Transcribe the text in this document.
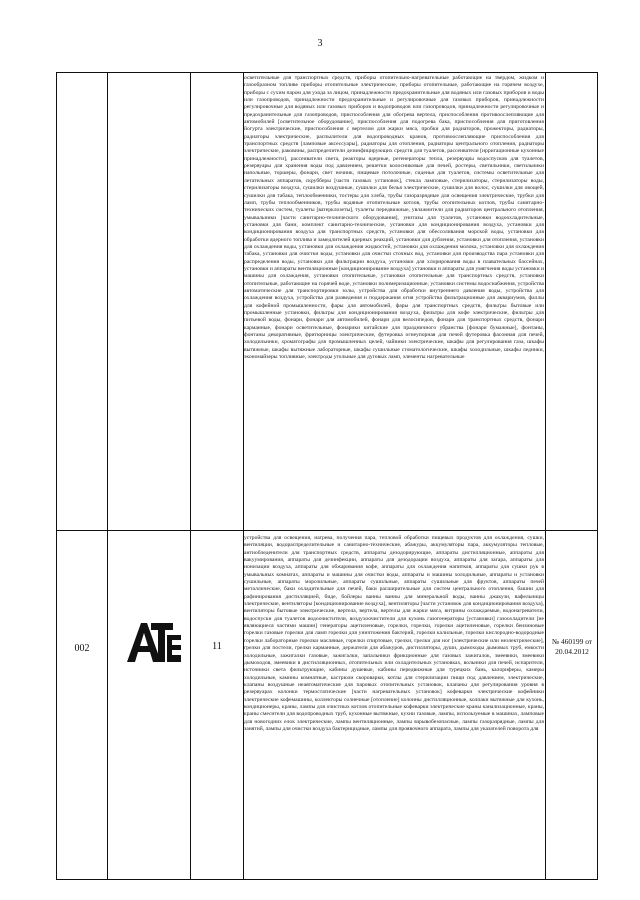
3
осветительные для транспортных средств, приборы отопительно-нагревательные работающие на твердом, жидком и газообразном топливе приборы отопительные электрические, приборы отопительные, работающие на горячем воздухе, приборы с сухим паром для ухода за лицом, принадлежности предохранительные для водяных или газовых приборов и воды или газопроводов, принадлежности предохранительные и регулировочные для газовых приборов, принадлежности регулировочные для водяных или газовых приборов и водопроводов или газопроводов, принадлежности регулировочные и предохранительные для газопроводов, приспособления для обогрева вертела, приспособления противоослепляющие для автомобилей [осветительное оборудование], приспособления для подогрева бака, приспособления для приготовления йогурта электрические, приспособления с вертелом для жарки мяса, пробки для радиаторов, прожекторы, радиаторы, радиаторы электрические, распылители для водопроводных кранов, противоослепляющие приспособления для транспортных средств [ламповые аксессуары], радиаторы для отопления, радиаторы центрального отопления, радиаторы электрические, раковины, распределители дезинфицирующих средств для туалетов, рассеиватели [ирригационные кухонные принадлежности], рассеиватели света, реакторы ядерные, регенераторы тепла, резервуары водоспусков для туалетов, резервуары для хранения воды под давлением, решетки колосниковые для печей, ростеры, светильники, светильники напольные, торшеры, фонари, свет ночник, пищевые потолочные, сиденья для туалетов, системы осветительные для летательных аппаратов, скрубберы [части газовых установок], стекла ламповые, стерилизаторы, стерилизаторы воды, стерилизаторы воздуха, сушилки воздушные, сушилки для белья электрические, сушилки для волос, сушилки для овощей, сушилки для табака, теплообменники, тостеры для хлеба, трубы газоразрядные для освещения электрические, трубки для ламп, трубы теплообменников, трубы водяные отопительные котлов, трубы отопительных котлов, трубы санитарно-технических систем, туалеты [ватерклозеты], туалеты передвижные, увлажнители для радиаторов центрального отопления, умывальники [части санитарно-технического оборудования], унитазы для туалетов, установки водоохладительные, установки для бани, комплект санитарно-технические, установки для кондиционирования воздуха, установки для кондиционирования воздуха для транспортных средств, установки для обессоливания морской воды, установки для обработки ядерного топлива и замедлителей ядерных реакций, установки для дубления, установки для отопления, установки для охлаждения воды, установки для охлаждения жидкостей, установки для охлаждения молока, установки для охлаждения табака, установки для очистки воды, установки для очистки сточных вод, установки для производства пара установки для распределения воды, установки для фильтрации воздуха, установки для хлорирования воды в плавательных бассейнах, установки и аппараты вентиляционные [кондиционирование воздуха] установки и аппараты для умягчения воды установки и машины для охлаждения, установки отопительные, установки отопительные для транспортных средств, установки отопительные, работающие на горячей воде, установки полимеризационные, установки системы водоснабжения, устройства автоматические для транспортировки золы, устройства для обработки внутреннего давления воды, устройства для охлаждения воздуха, устройства для разведения и поддержания огня устройства фильтрационные для аквариумов, фаллы для кофейной промышленности, фары для автомобилей, фары для транспортных средств, фильтры бытовые или промышленные установки, фильтры для кондиционирования воздуха, фильтры для кофе электрические, фильтры для питьевой воды, фонари, фонари для автомобилей, фонари для велосипедов, фонари для транспортных средств, фонари карманные, фонари осветительные, фонарики китайские для праздничного убранства [фонари бумажные], фонтаны, фонтаны декоративные, фритюрницы электрические, футеровка огнеупорная для печей футеровка фасонная для печей, холодильники, хроматографы для промышленных целей, чайники электрические, шкафы для регулирования газа, шкафы вытяжные, шкафы вытяжные лабораторные, шкафы сушильные стоматологические, шкафы холодильные, шкафы ледники, экономайзеры топливные, электроды угольные для дуговых ламп, элементы нагревательные
002	11
устройства для освещения, нагрева, получения пара, тепловой обработки пищевых продуктов для охлаждения, сушки, вентиляции, водораспределительные и санитарно-технические, абажуры, аккумуляторы пара, аккумуляторы тепловые, антиобледенители для транспортных средств, аппараты дезодорирующие, аппараты дистилляционные, аппараты для вакуумирования, аппараты для дезинфекции, аппараты для дезодорации воздуха, аппараты для загара, аппараты для ионизации воздуха, аппараты для обжаривания кофе, аппараты для охлаждения напитков, аппараты для сушки рук в умывальных комнатах, аппараты и машины для очистки воды, аппараты и машины холодильные, аппараты и установки сушильные, аппараты морозильные, аппараты сушильные, аппараты сушильные для фруктов, аппараты печей металлические, баки охладительные для печей, баки расширительные для систем центрального отопления, башни для рафинирования дистилляцией, биде, бойлеры ванны ванны для минеральной воды, ванны джакузи, вафельницы электрические, вентиляторы [кондиционирование воздуха], вентиляторы [части установок для кондиционирования воздуха], вентиляторы бытовые электрические, вертела, вертела, вертелы для жарки мяса, витрины охлаждаемые, водонагреватели, водоспуски для туалетов водоочистители, воздухоочистители для кухонь газогенераторы [установки] газоохладители [не являющиеся частями машин] генераторы ацетиленовые, горелки, горелки, горелки ацетиленовые, горелки бензиновые горелки газовые горелки для ламп горелки для уничтожения бактерий, горелки калильные, горелки кислородно-водородные горелки лабораторные горелки масляные, горелки спиртовые, грелки, грелки для ног [электрические или неэлектрические], грелки для постели, грелки карманные, держатели для абажуров, дистилляторы, души, дымоходы дымовых труб, емкости холодильные, зажигалки газовые, зажигалки, запальники фрикционные для газовых зажигалок, змеевики, змеевики дымоходов, змеевики в дистилляционных, отопительных или охладительных установках, вольники для печей, испарители, источники света фильтрующие, кабины душевые, кабины передвижные для турецких бань, калориферы, камеры холодильные, камины комнатные, кастрюли скороварки, котлы для стерилизации пищи под давлением, электрические, клапаны воздушные неавтоматические для паровых отопительных установок, клапаны для регулирования уровня в резервуарах колонки термостатические [части нагревательных установок] кофеварки электрические кофейники электрические кофемашины, коллекторы солнечные [отопление] колонны дистилляционные, колпаки вытяжные для кухонь, кондиционеры, краны, лампы для очистных котлов отопительные кофеварки электрические краны канализационные, краны, краны смесители для водопроводных труб, кухонные вытяжные, кухни газовые, лампы, используемые в машинах, ламповые для новогодних елок электрические, лампы вентиляционные, лампы взрывобезопасные, лампы газоразрядные, лампы для занятий, лампы для очистки воздуха бактерицидные, лампы для проявочного аппарата, лампы для указателей поворота для
№ 460199 от 20.04.2012
